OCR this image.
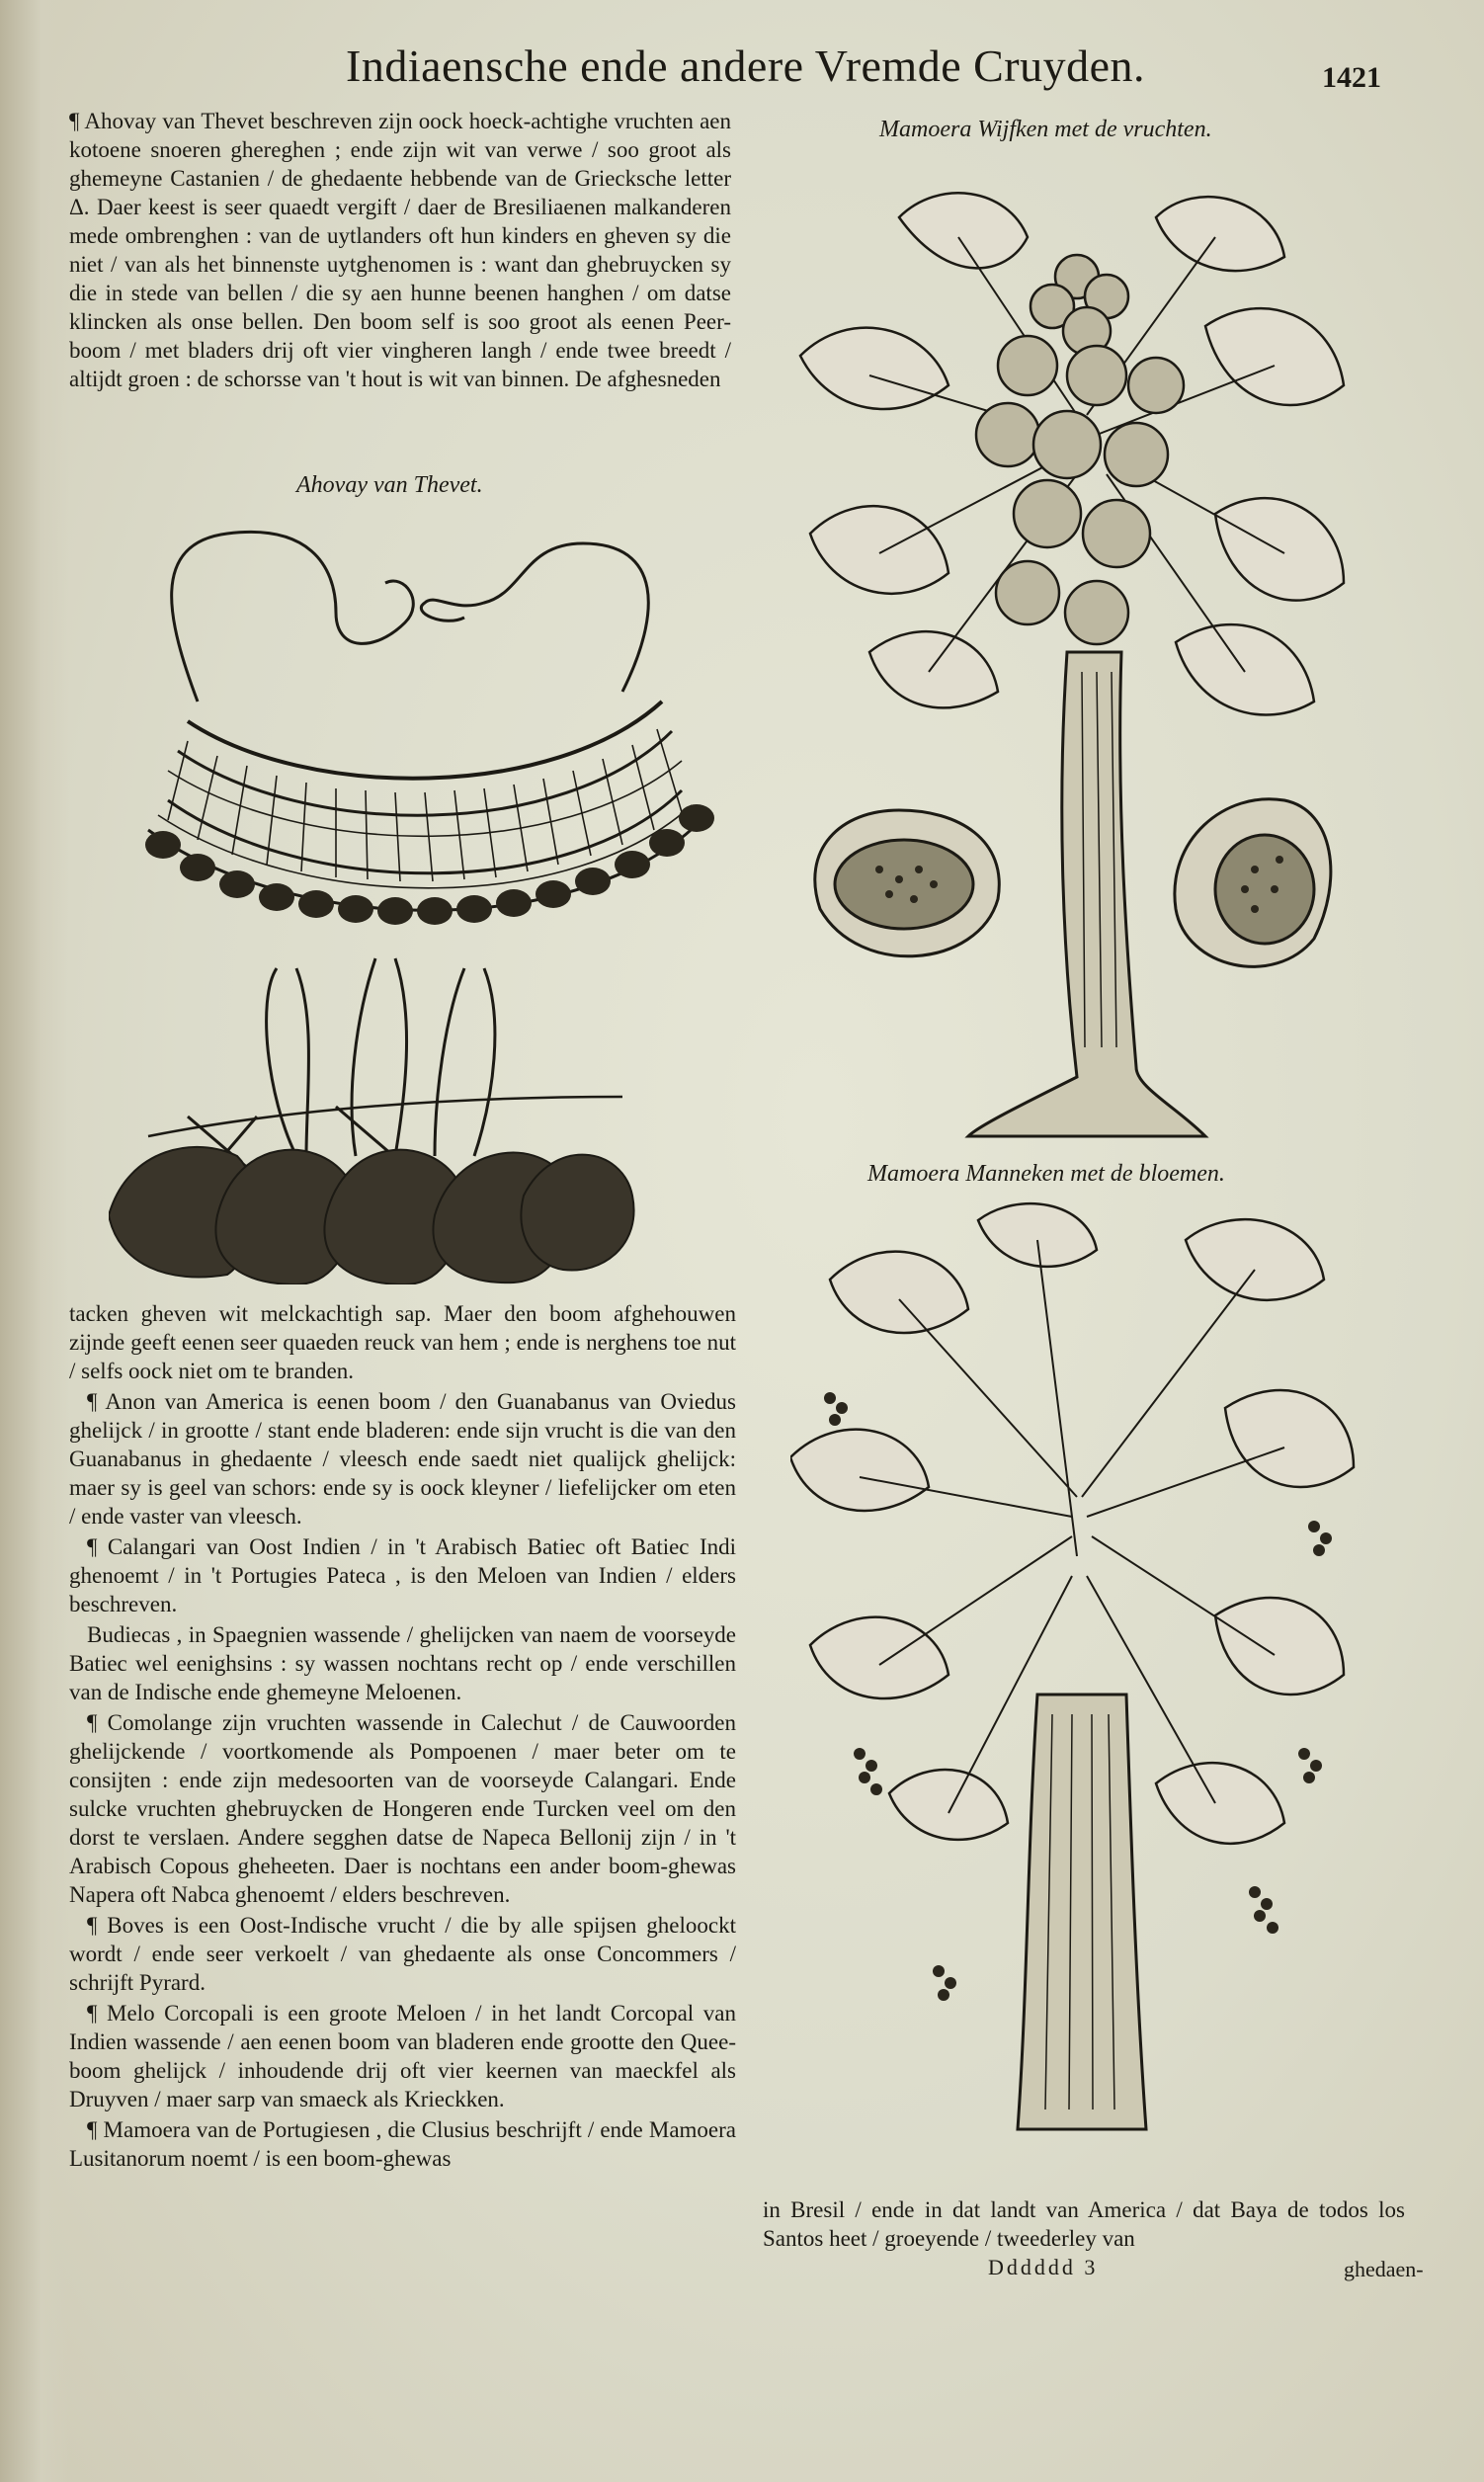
Indiaensche ende andere Vremde Cruyden.	1421

¶ Ahovay van Thevet beschreven zijn oock hoeck-achtighe vruchten aen kotoene snoeren ghereghen ; ende zijn wit van verwe / soo groot als ghemeyne Castanien / de ghedaente hebbende van de Griecksche letter Δ. Daer keest is seer quaedt vergift / daer de Bresiliaenen malkanderen mede ombrenghen : van de uytlanders oft hun kinders en gheven sy die niet / van als het binnenste uytghenomen is : want dan ghebruycken sy die in stede van bellen / die sy aen hunne beenen hanghen / om datse klincken als onse bellen. Den boom self is soo groot als eenen Peer-boom / met bladers drij oft vier vingheren langh / ende twee breedt / altijdt groen : de schorsse van 't hout is wit van binnen. De afghesneden

Ahovay van Thevet.

tacken gheven wit melckachtigh sap. Maer den boom afghehouwen zijnde geeft eenen seer quaeden reuck van hem ; ende is nerghens toe nut / selfs oock niet om te branden.

¶ Anon van America is eenen boom / den Guanabanus van Oviedus ghelijck / in grootte / stant ende bladeren: ende sijn vrucht is die van den Guanabanus in ghedaente / vleesch ende saedt niet qualijck ghelijck: maer sy is geel van schors: ende sy is oock kleyner / liefelijcker om eten / ende vaster van vleesch.

¶ Calangari van Oost Indien / in 't Arabisch Batiec oft Batiec Indi ghenoemt / in 't Portugies Pateca , is den Meloen van Indien / elders beschreven.

Budiecas , in Spaegnien wassende / ghelijcken van naem de voorseyde Batiec wel eenighsins : sy wassen nochtans recht op / ende verschillen van de Indische ende ghemeyne Meloenen.

¶ Comolange zijn vruchten wassende in Calechut / de Cauwoorden ghelijckende / voortkomende als Pompoenen / maer beter om te consijten : ende zijn medesoorten van de voorseyde Calangari. Ende sulcke vruchten ghebruycken de Hongeren ende Turcken veel om den dorst te verslaen. Andere segghen datse de Napeca Bellonij zijn / in 't Arabisch Copous gheheeten. Daer is nochtans een ander boom-ghewas Napera oft Nabca ghenoemt / elders beschreven.

¶ Boves is een Oost-Indische vrucht / die by alle spijsen gheloockt wordt / ende seer verkoelt / van ghedaente als onse Concommers / schrijft Pyrard.

¶ Melo Corcopali is een groote Meloen / in het landt Corcopal van Indien wassende / aen eenen boom van bladeren ende grootte den Quee-boom ghelijck / inhoudende drij oft vier keernen van maeckfel als Druyven / maer sarp van smaeck als Krieckken.

¶ Mamoera van de Portugiesen , die Clusius beschrijft / ende Mamoera Lusitanorum noemt / is een boom-ghewas

Mamoera Wijfken met de vruchten.
Mamoera Manneken met de bloemen.
in Bresil / ende in dat landt van America / dat Baya de todos los Santos heet / groeyende / tweederley van
Dddddd 3	ghedaen-
